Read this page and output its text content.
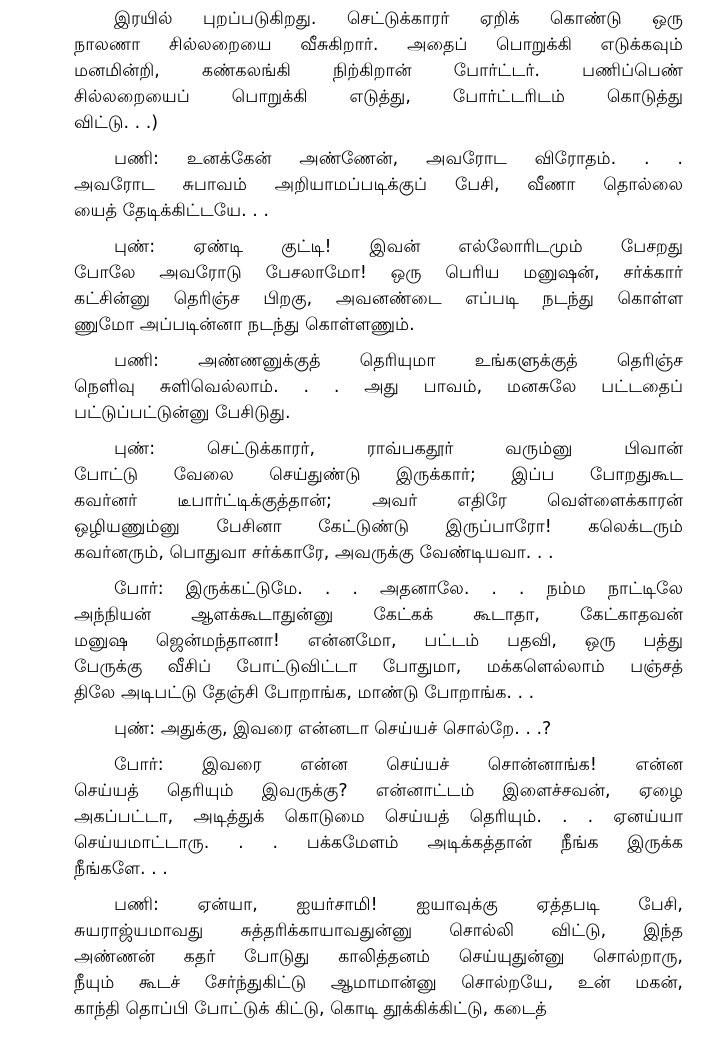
இரயில் புறப்படுகிறது. செட்டுக்காரர் ஏறிக் கொண்டு ஒரு
நாலணா சில்லறையை வீசுகிறார். அதைப் பொறுக்கி எடுக்கவும்
மனமின்றி, கண்கலங்கி நிற்கிறான் போர்ட்டர். பணிப்பெண்
சில்லறையைப் பொறுக்கி எடுத்து, போர்ட்டரிடம் கொடுத்து
விட்டு. . .)
பணி: உனக்கேன் அண்ணேன், அவரோட விரோதம். . .
அவரோட சுபாவம் அறியாமப்படிக்குப் பேசி, வீணா தொல்லை
யைத் தேடிக்கிட்டயே. . .
புண்: ஏண்டி குட்டி! இவன் எல்லோரிடமும் பேசறது
போலே அவரோடு பேசலாமோ! ஒரு பெரிய மனுஷன், சர்க்கார்
கட்சின்னு தெரிஞ்ச பிறகு, அவனண்டை எப்படி நடந்து கொள்ள
ணுமோ அப்படின்னா நடந்து கொள்ளணும்.
பணி: அண்ணனுக்குத் தெரியுமா உங்களுக்குத் தெரிஞ்ச
நெளிவு சுளிவெல்லாம். . . அது பாவம், மனசுலே பட்டதைப்
பட்டுப்பட்டுன்னு பேசிடுது.
புண்: செட்டுக்காரர், ராவ்பகதூர் வரும்னு பிவான்
போட்டு வேலை செய்துண்டு இருக்கார்; இப்ப போறதுகூட
கவர்னர் டீபார்ட்டிக்குத்தான்; அவர் எதிரே வெள்ளைக்காரன்
ஒழியணும்னு பேசினா கேட்டுண்டு இருப்பாரோ! கலெக்டரும்
கவர்னரும், பொதுவா சர்க்காரே, அவருக்கு வேண்டியவா. . .
போர்: இருக்கட்டுமே. . . அதனாலே. . . நம்ம நாட்டிலே
அந்நியன் ஆளக்கூடாதுன்னு கேட்கக் கூடாதா, கேட்காதவன்
மனுஷ ஜென்மந்தானா! என்னமோ, பட்டம் பதவி, ஒரு பத்து
பேருக்கு வீசிப் போட்டுவிட்டா போதுமா, மக்களெல்லாம் பஞ்சத்
திலே அடிபட்டு தேஞ்சி போறாங்க, மாண்டு போறாங்க. . .
புண்: அதுக்கு, இவரை என்னடா செய்யச் சொல்றே. . .?
போர்: இவரை என்ன செய்யச் சொன்னாங்க! என்ன
செய்யத் தெரியும் இவருக்கு? என்னாட்டம் இளைச்சவன், ஏழை
அகப்பட்டா, அடித்துக் கொடுமை செய்யத் தெரியும். . . ஏனய்யா
செய்யமாட்டாரு. . . பக்கமேளம் அடிக்கத்தான் நீங்க இருக்க
நீங்களே. . .
பணி: ஏன்யா, ஐயர்சாமி! ஐயாவுக்கு ஏத்தபடி பேசி,
சுயராஜ்யமாவது சுத்தரிக்காயாவதுன்னு சொல்லி விட்டு, இந்த
அண்ணன் கதர் போடுது காலித்தனம் செய்யுதுன்னு சொல்றாரு,
நீயும் கூடச் சேர்ந்துகிட்டு ஆமாமான்னு சொல்றயே, உன் மகன்,
காந்தி தொப்பி போட்டுக் கிட்டு, கொடி தூக்கிக்கிட்டு, கடைத்
